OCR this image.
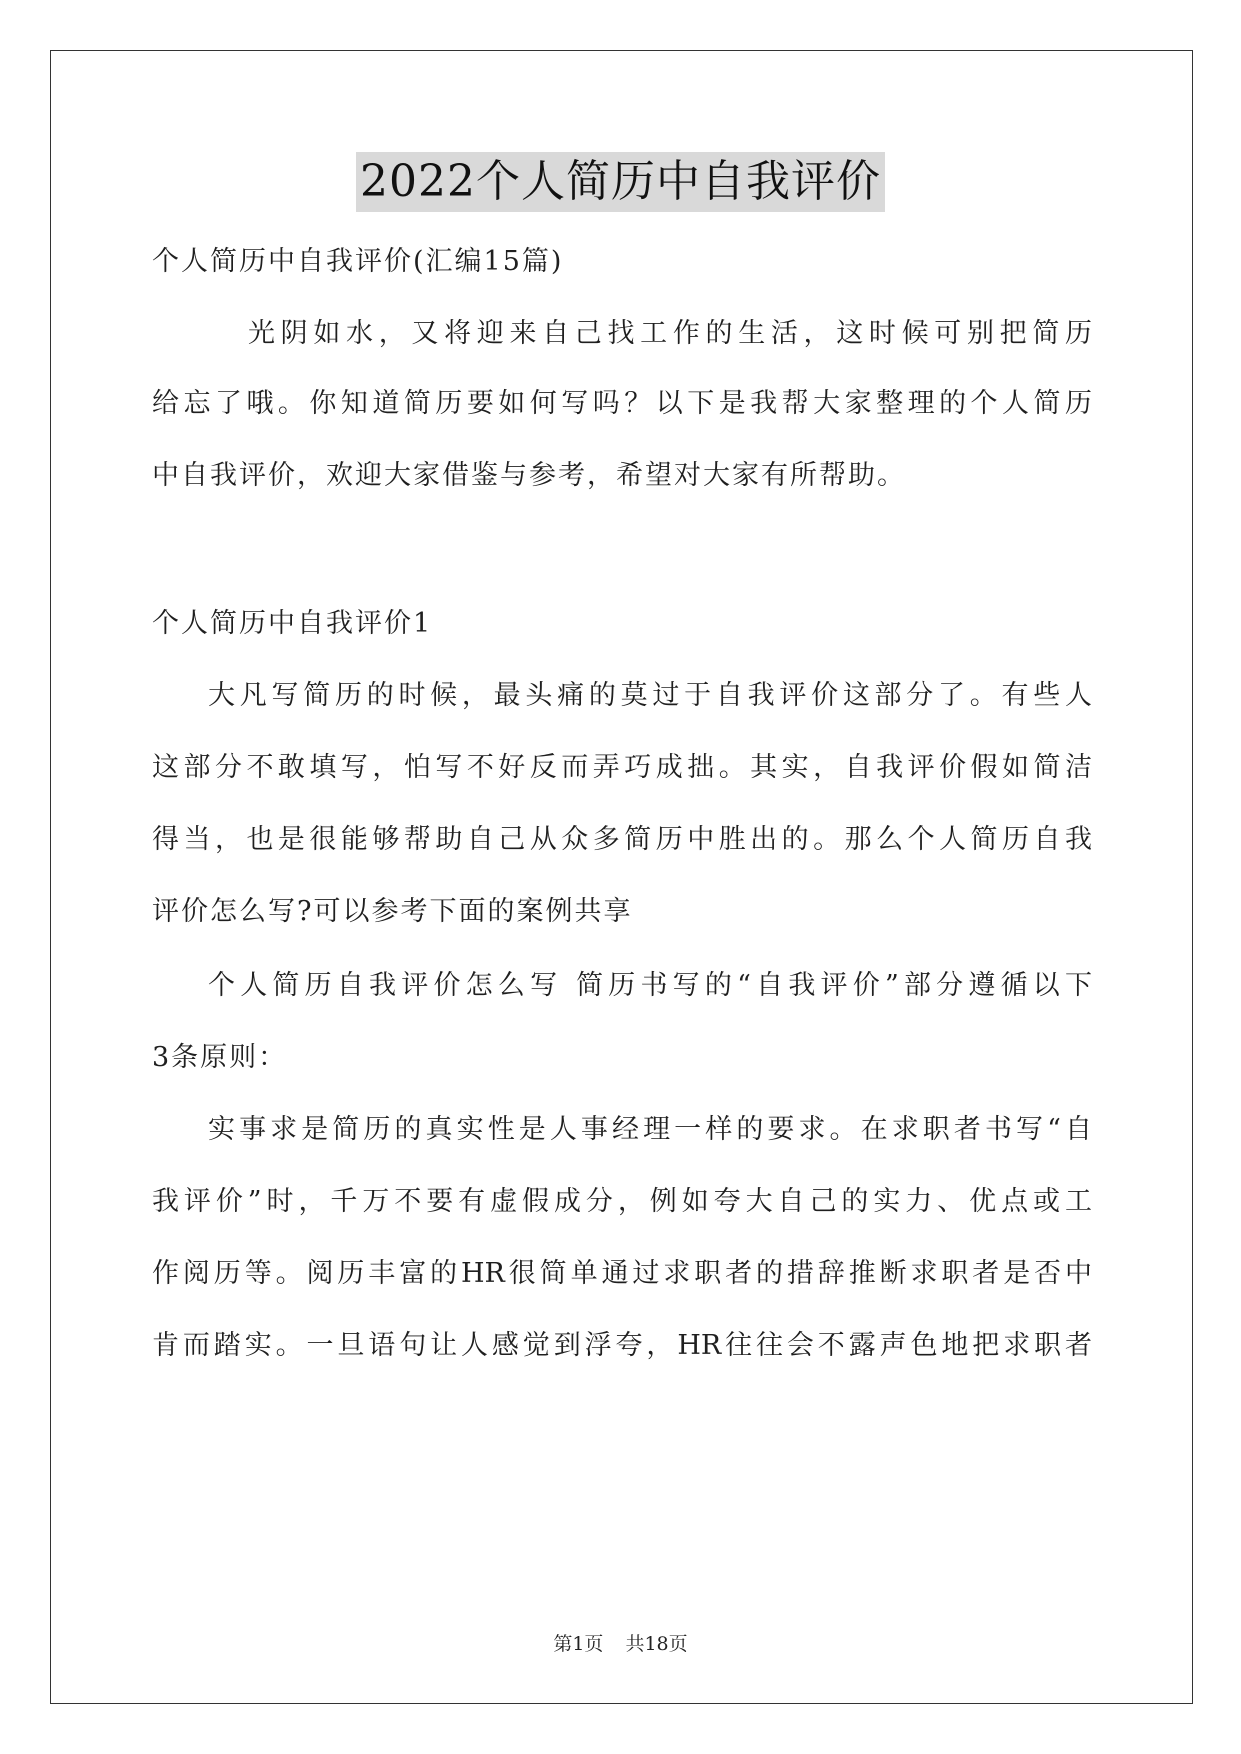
2022个人简历中自我评价
个人简历中自我评价(汇编15篇)
光阴如水，又将迎来自己找工作的生活，这时候可别把简历
给忘了哦。你知道简历要如何写吗？以下是我帮大家整理的个人简历
中自我评价，欢迎大家借鉴与参考，希望对大家有所帮助。
个人简历中自我评价1
大凡写简历的时候，最头痛的莫过于自我评价这部分了。有些人
这部分不敢填写，怕写不好反而弄巧成拙。其实，自我评价假如简洁
得当，也是很能够帮助自己从众多简历中胜出的。那么个人简历自我
评价怎么写?可以参考下面的案例共享
个人简历自我评价怎么写 简历书写的“自我评价”部分遵循以下
3条原则：
实事求是简历的真实性是人事经理一样的要求。在求职者书写“自
我评价”时，千万不要有虚假成分，例如夸大自己的实力、优点或工
作阅历等。阅历丰富的HR很简单通过求职者的措辞推断求职者是否中
肯而踏实。一旦语句让人感觉到浮夸，HR往往会不露声色地把求职者
第1页 共18页
